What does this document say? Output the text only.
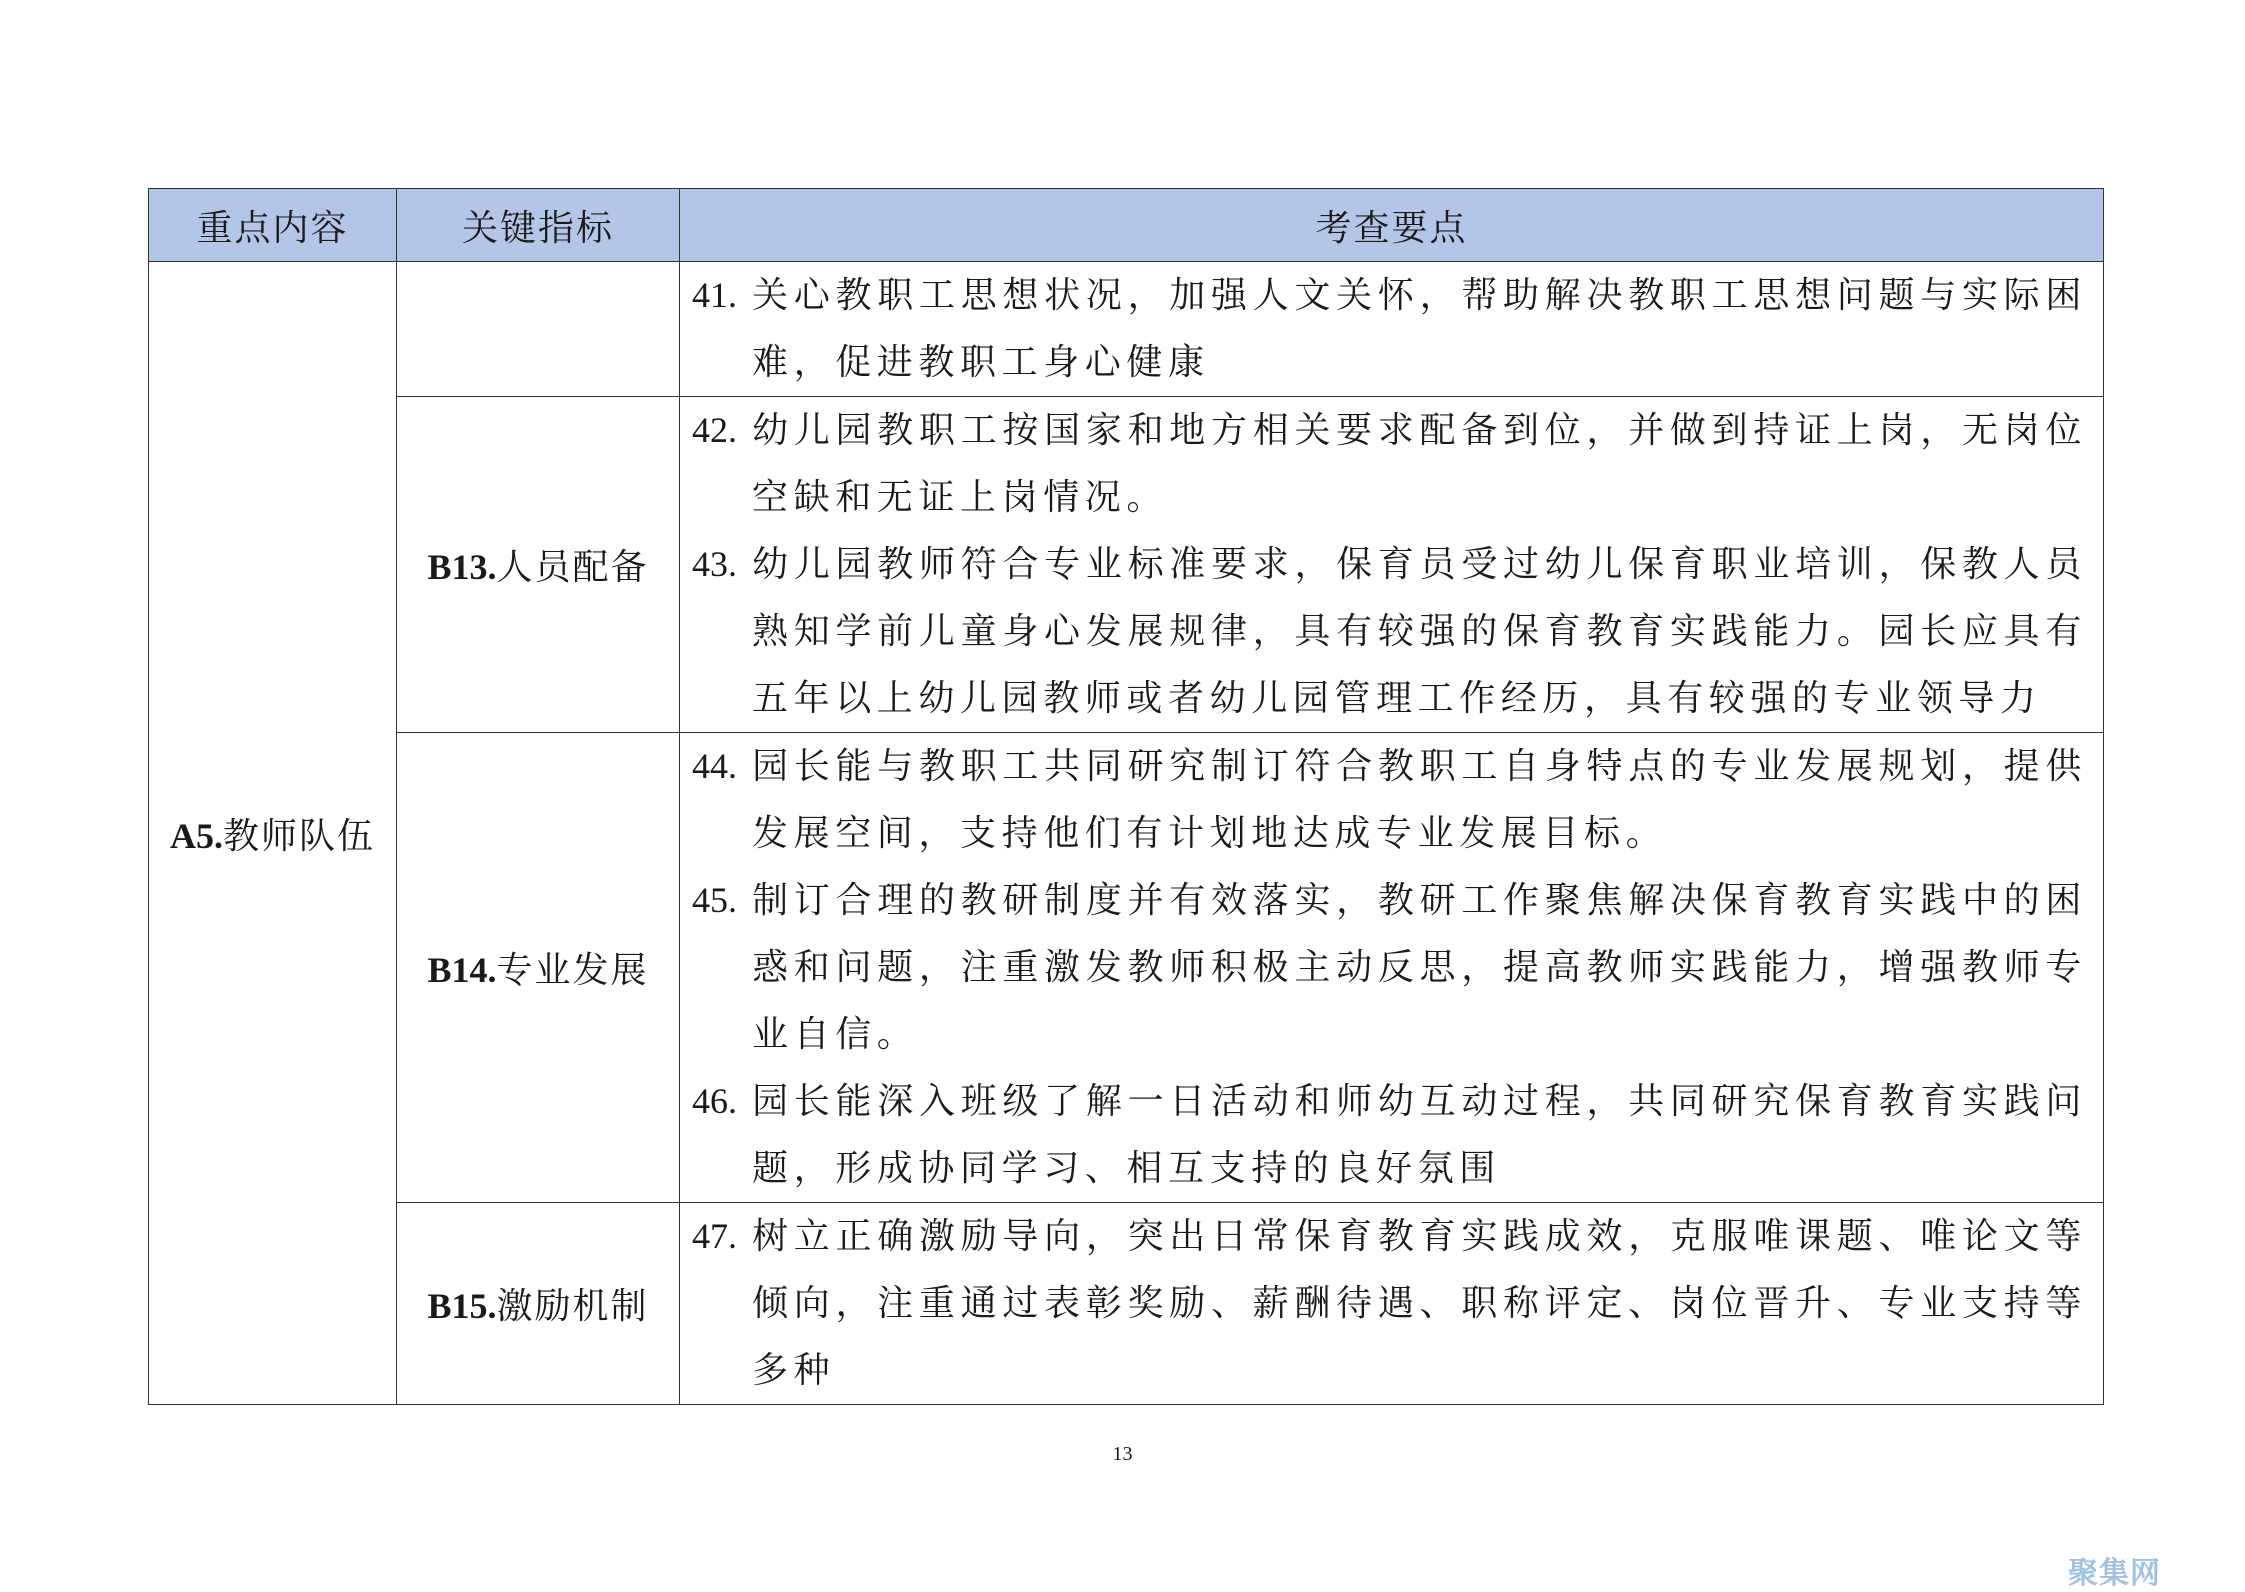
重点内容	关键指标	考查要点
A5.教师队伍		41. 关心教职工思想状况，加强人文关怀，帮助解决教职工思想问题与实际困难，促进教职工身心健康

	B13.人员配备	42. 幼儿园教职工按国家和地方相关要求配备到位，并做到持证上岗，无岗位空缺和无证上岗情况。
43. 幼儿园教师符合专业标准要求，保育员受过幼儿保育职业培训，保教人员熟知学前儿童身心发展规律，具有较强的保育教育实践能力。园长应具有五年以上幼儿园教师或者幼儿园管理工作经历，具有较强的专业领导力

	B14.专业发展	44. 园长能与教职工共同研究制订符合教职工自身特点的专业发展规划，提供发展空间，支持他们有计划地达成专业发展目标。
45. 制订合理的教研制度并有效落实，教研工作聚焦解决保育教育实践中的困惑和问题，注重激发教师积极主动反思，提高教师实践能力，增强教师专业自信。
46. 园长能深入班级了解一日活动和师幼互动过程，共同研究保育教育实践问题，形成协同学习、相互支持的良好氛围

	B15.激励机制	47. 树立正确激励导向，突出日常保育教育实践成效，克服唯课题、唯论文等倾向，注重通过表彰奖励、薪酬待遇、职称评定、岗位晋升、专业支持等多种
13
聚集网
